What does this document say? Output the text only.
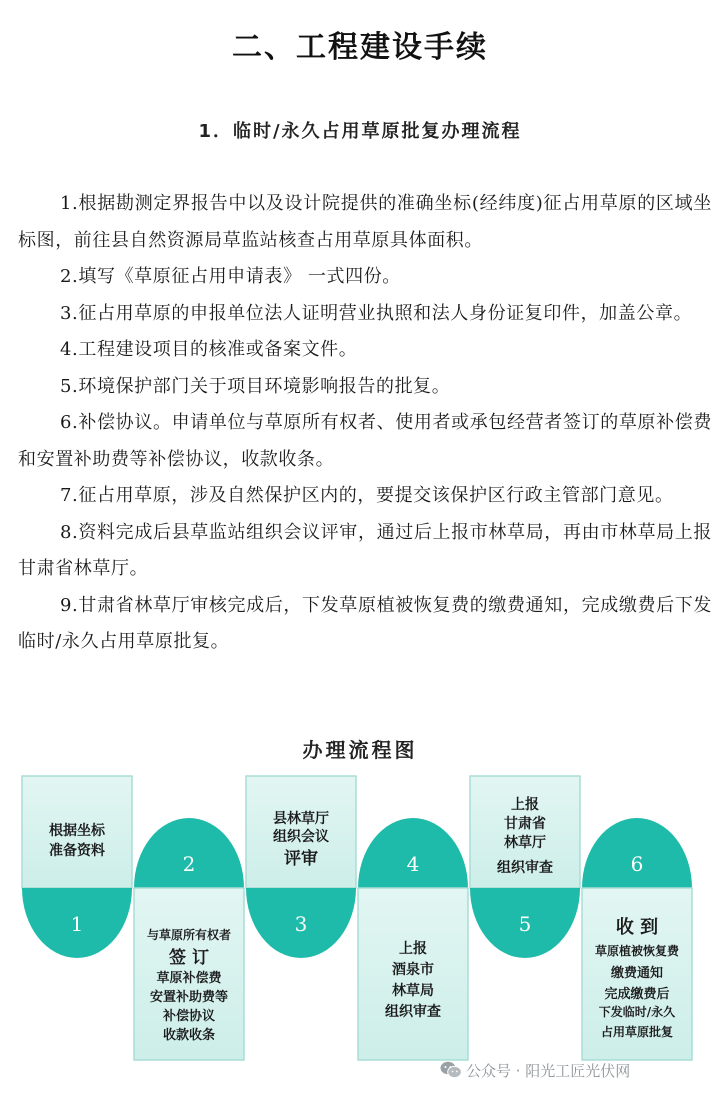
二、工程建设手续
1．临时/永久占用草原批复办理流程

1.根据勘测定界报告中以及设计院提供的准确坐标(经纬度)征占用草原的区域坐标图，前往县自然资源局草监站核查占用草原具体面积。

2.填写《草原征占用申请表》 一式四份。

3.征占用草原的申报单位法人证明营业执照和法人身份证复印件，加盖公章。

4.工程建设项目的核准或备案文件。

5.环境保护部门关于项目环境影响报告的批复。

6.补偿协议。申请单位与草原所有权者、使用者或承包经营者签订的草原补偿费和安置补助费等补偿协议，收款收条。

7.征占用草原，涉及自然保护区内的，要提交该保护区行政主管部门意见。

8.资料完成后县草监站组织会议评审，通过后上报市林草局，再由市林草局上报甘肃省林草厅。

9.甘肃省林草厅审核完成后，下发草原植被恢复费的缴费通知，完成缴费后下发临时/永久占用草原批复。

办理流程图
1
2
3
4
5
6
根据坐标
准备资料
与草原所有权者
签 订
草原补偿费
安置补助费等
补偿协议
收款收条
县林草厅
组织会议
评审
上报
酒泉市
林草局
组织审查
上报
甘肃省
林草厅
组织审查
收 到
草原植被恢复费
缴费通知
完成缴费后
下发临时/永久
占用草原批复
公众号 · 阳光工匠光伏网
